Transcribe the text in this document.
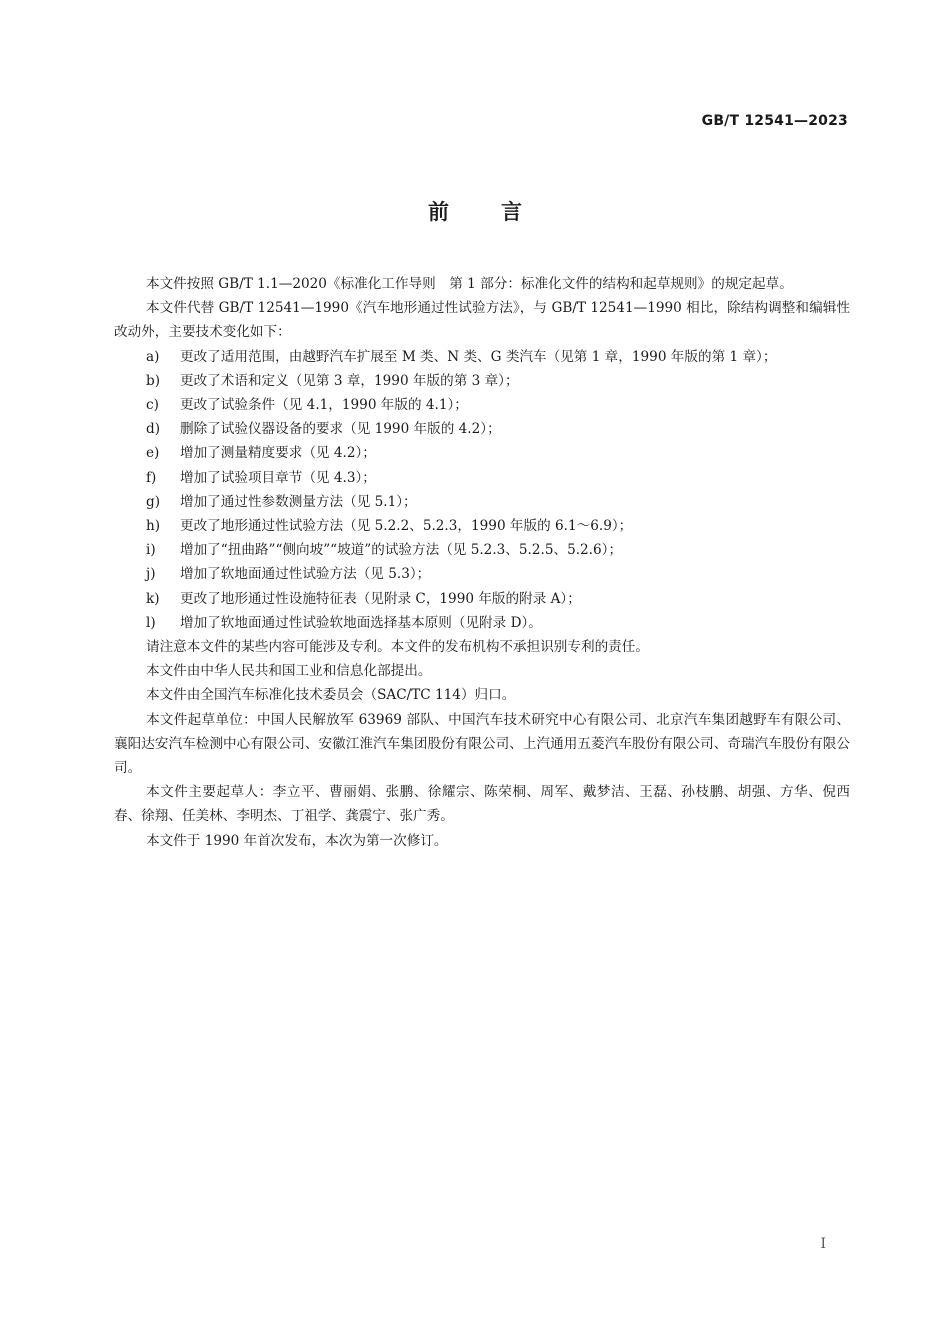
GB/T 12541—2023
前 言

本文件按照 GB/T 1.1—2020《标准化工作导则　第 1 部分：标准化文件的结构和起草规则》的规定起草。

本文件代替 GB/T 12541—1990《汽车地形通过性试验方法》，与 GB/T 12541—1990 相比，除结构调整和编辑性改动外，主要技术变化如下：

a) 更改了适用范围，由越野汽车扩展至 M 类、N 类、G 类汽车（见第 1 章，1990 年版的第 1 章）；
b) 更改了术语和定义（见第 3 章，1990 年版的第 3 章）；
c) 更改了试验条件（见 4.1，1990 年版的 4.1）；
d) 删除了试验仪器设备的要求（见 1990 年版的 4.2）；
e) 增加了测量精度要求（见 4.2）；
f) 增加了试验项目章节（见 4.3）；
g) 增加了通过性参数测量方法（见 5.1）；
h) 更改了地形通过性试验方法（见 5.2.2、5.2.3，1990 年版的 6.1～6.9）；
i) 增加了“扭曲路”“侧向坡”“坡道”的试验方法（见 5.2.3、5.2.5、5.2.6）；
j) 增加了软地面通过性试验方法（见 5.3）；
k) 更改了地形通过性设施特征表（见附录 C，1990 年版的附录 A）；
l) 增加了软地面通过性试验软地面选择基本原则（见附录 D）。

请注意本文件的某些内容可能涉及专利。本文件的发布机构不承担识别专利的责任。

本文件由中华人民共和国工业和信息化部提出。

本文件由全国汽车标准化技术委员会（SAC/TC 114）归口。

本文件起草单位：中国人民解放军 63969 部队、中国汽车技术研究中心有限公司、北京汽车集团越野车有限公司、襄阳达安汽车检测中心有限公司、安徽江淮汽车集团股份有限公司、上汽通用五菱汽车股份有限公司、奇瑞汽车股份有限公司。

本文件主要起草人：李立平、曹丽娟、张鹏、徐耀宗、陈荣桐、周军、戴梦洁、王磊、孙枝鹏、胡强、方华、倪西春、徐翔、任美林、李明杰、丁祖学、龚震宁、张广秀。

本文件于 1990 年首次发布，本次为第一次修订。

I
